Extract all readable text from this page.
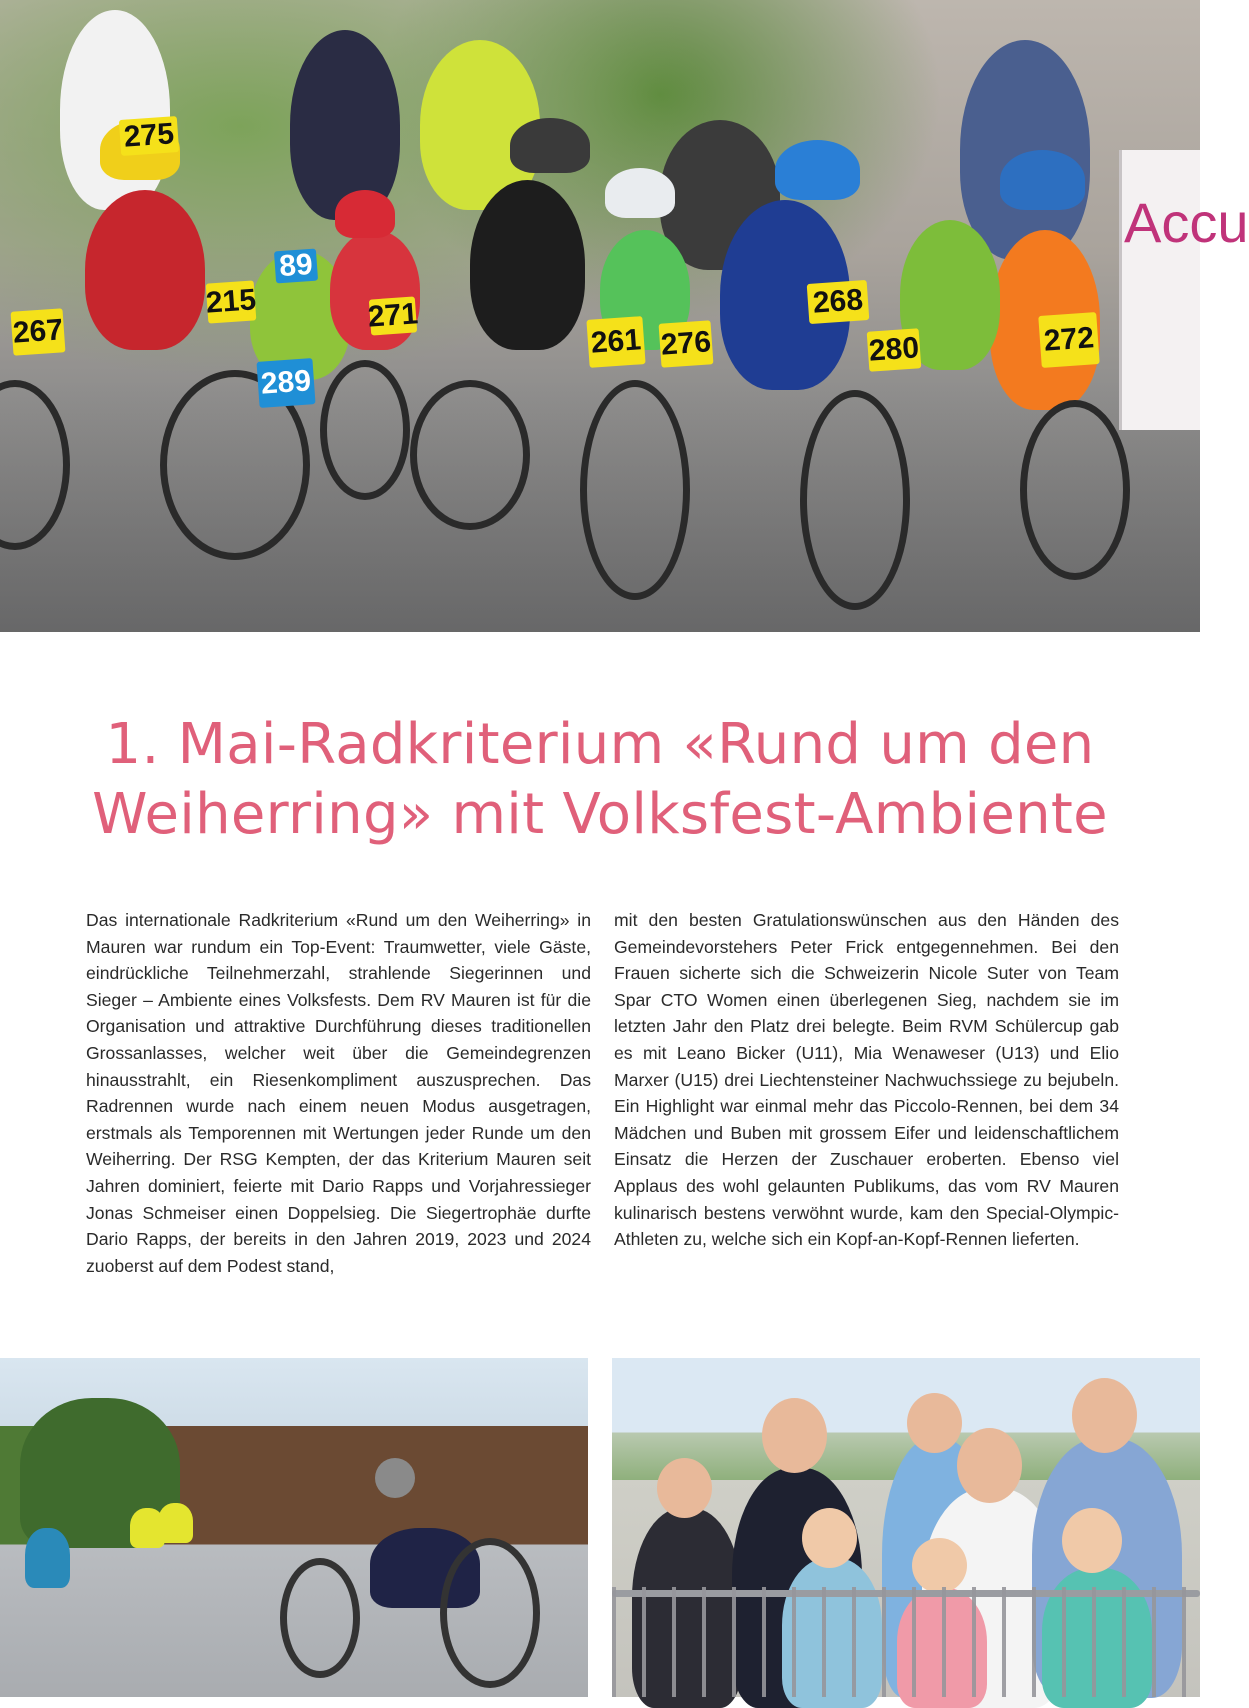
275
89
215	271
267
289
261 276
268
280	272
Accu
1. Mai-Radkriterium «Rund um den
Weiherring» mit Volksfest-Ambiente

Das internationale Radkriterium «Rund um den Weiherring» in Mauren war rundum ein Top-Event: Traumwetter, viele Gäste, eindrückliche Teilnehmerzahl, strahlende Siegerinnen und Sieger – Ambiente eines Volksfests. Dem RV Mauren ist für die Organisation und attraktive Durchführung dieses traditionellen Grossanlasses, welcher weit über die Gemeindegrenzen hinausstrahlt, ein Riesenkompliment auszusprechen. Das Radrennen wurde nach einem neuen Modus ausgetragen, erstmals als Temporennen mit Wertungen jeder Runde um den Weiherring. Der RSG Kempten, der das Kriterium Mauren seit Jahren dominiert, feierte mit Dario Rapps und Vorjahressieger Jonas Schmeiser einen Doppelsieg. Die Siegertrophäe durfte Dario Rapps, der bereits in den Jahren 2019, 2023 und 2024 zuoberst auf dem Podest stand,

mit den besten Gratulationswünschen aus den Händen des Gemeindevorstehers Peter Frick entgegennehmen. Bei den Frauen sicherte sich die Schweizerin Nicole Suter von Team Spar CTO Women einen überlegenen Sieg, nachdem sie im letzten Jahr den Platz drei belegte. Beim RVM Schülercup gab es mit Leano Bicker (U11), Mia Wenaweser (U13) und Elio Marxer (U15) drei Liechtensteiner Nachwuchssiege zu bejubeln. Ein Highlight war einmal mehr das Piccolo-Rennen, bei dem 34 Mädchen und Buben mit grossem Eifer und leidenschaftlichem Einsatz die Herzen der Zuschauer eroberten. Ebenso viel Applaus des wohl gelaunten Publikums, das vom RV Mauren kulinarisch bestens verwöhnt wurde, kam den Special-Olympic-Athleten zu, welche sich ein Kopf-an-Kopf-Rennen lieferten.
